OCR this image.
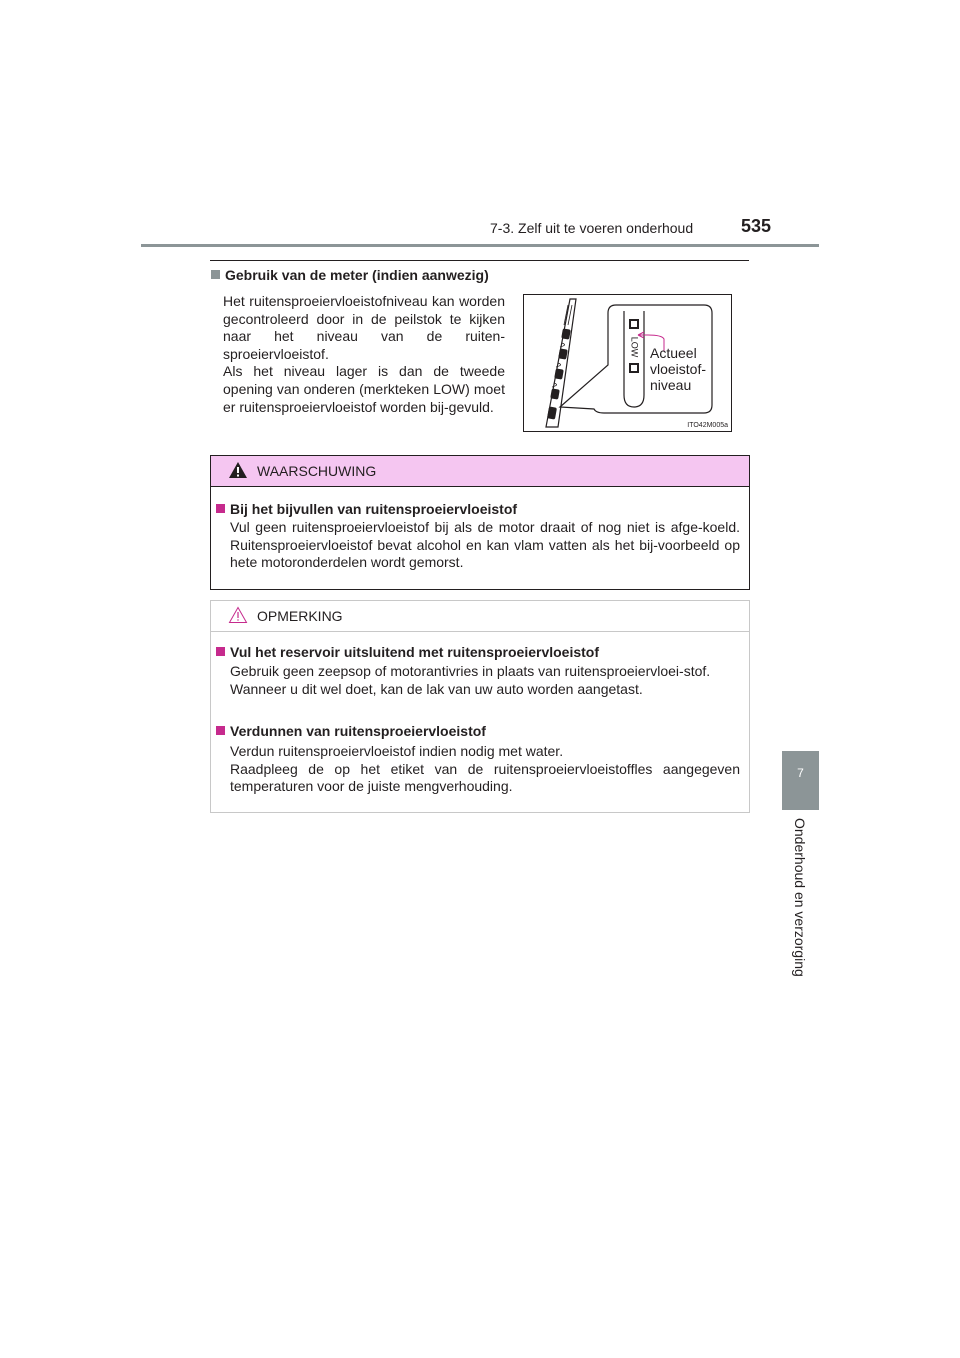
7-3. Zelf uit te voeren onderhoud	535
7
Onderhoud en verzorging
Gebruik van de meter (indien aanwezig)

Het ruitensproeiervloeistofniveau kan worden gecontroleerd door in de peilstok te kijken naar het niveau van de ruiten-sproeiervloeistof.

Als het niveau lager is dan de tweede opening van onderen (merkteken LOW) moet er ruitensproeiervloeistof worden bij-gevuld.

LOW Actueel
vloeistof-
niveau
ITO42M005a
WAARSCHUWING
Bij het bijvullen van ruitensproeiervloeistof

Vul geen ruitensproeiervloeistof bij als de motor draait of nog niet is afge-koeld. Ruitensproeiervloeistof bevat alcohol en kan vlam vatten als het bij-voorbeeld op hete motoronderdelen wordt gemorst.

OPMERKING
Vul het reservoir uitsluitend met ruitensproeiervloeistof

Gebruik geen zeepsop of motorantivries in plaats van ruitensproeiervloei-stof.

Wanneer u dit wel doet, kan de lak van uw auto worden aangetast.

Verdunnen van ruitensproeiervloeistof

Verdun ruitensproeiervloeistof indien nodig met water.

Raadpleeg de op het etiket van de ruitensproeiervloeistoffles aangegeven temperaturen voor de juiste mengverhouding.
